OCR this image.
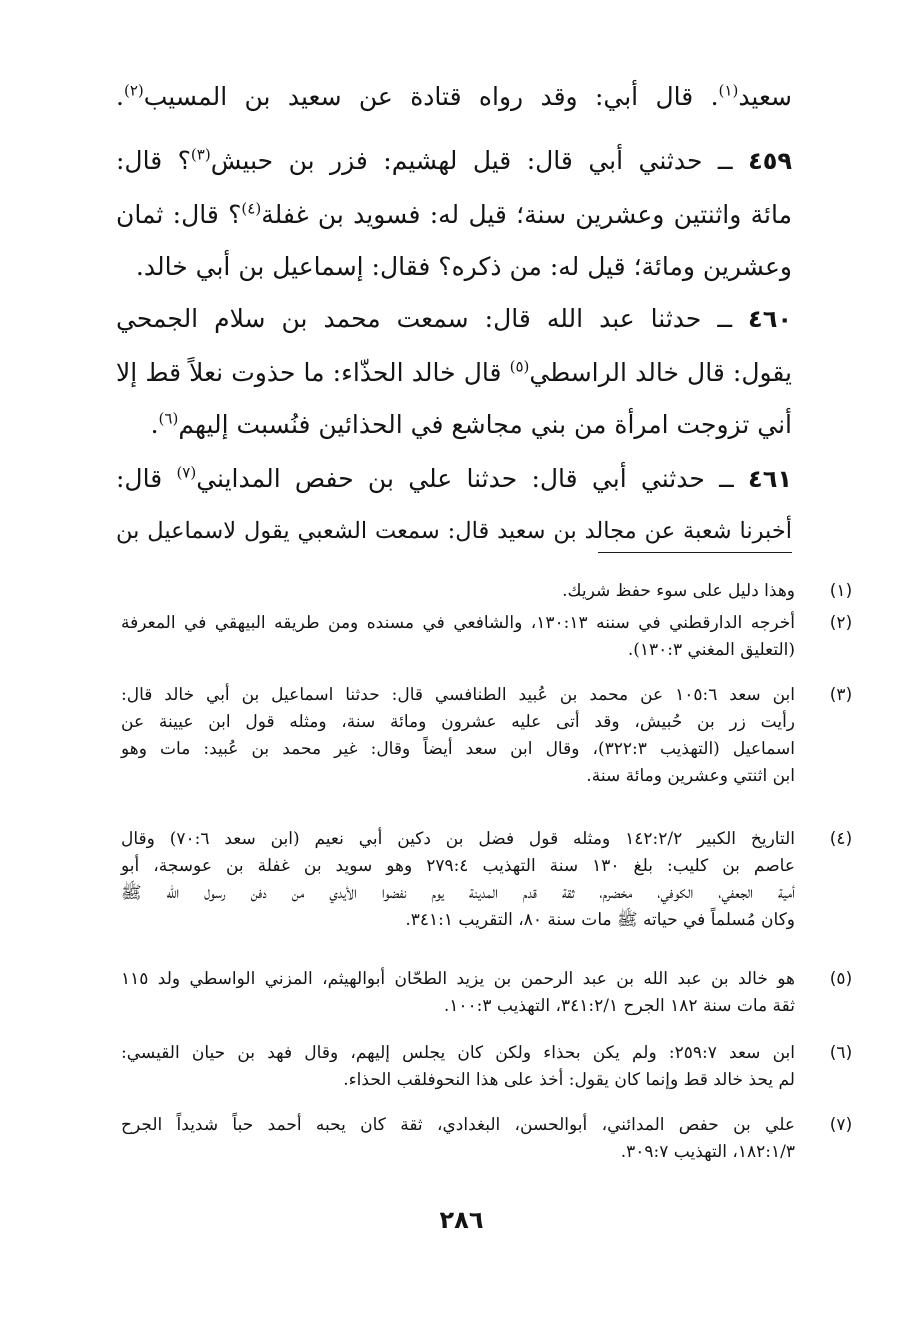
سعيد$^{(١)}$. قال أبي: وقد رواه قتادة عن سعيد بن المسيب$^{(٢)}$.
٤٥٩ ــ حدثني أبي قال: قيل لهشيم: فزر بن حبيش$^{(٣)}$؟ قال:
مائة واثنتين وعشرين سنة؛ قيل له: فسويد بن غفلة$^{(٤)}$؟ قال: ثمان
وعشرين ومائة؛ قيل له: من ذكره؟ فقال: إسماعيل بن أبي خالد.
٤٦٠ ــ حدثنا عبد الله قال: سمعت محمد بن سلام الجمحي
يقول: قال خالد الراسطي$^{(٥)}$ قال خالد الحذّاء: ما حذوت نعلاً قط إلا
أني تزوجت امرأة من بني مجاشع في الحذائين فنُسبت إليهم$^{(٦)}$.
٤٦١ ــ حدثني أبي قال: حدثنا علي بن حفص المدايني$^{(٧)}$ قال:
أخبرنا شعبة عن مجالد بن سعيد قال: سمعت الشعبي يقول لاسماعيل بن
(١)
وهذا دليل على سوء حفظ شريك.
(٢)
أخرجه الدارقطني في سننه ١٣٠:١٣، والشافعي في مسنده ومن طريقه البيهقي في المعرفة
(التعليق المغني ١٣٠:٣).
(٣)
ابن سعد ١٠٥:٦ عن محمد بن عُبيد الطنافسي قال: حدثنا اسماعيل بن أبي خالد قال:
رأيت زر بن حُبيش، وقد أتى عليه عشرون ومائة سنة، ومثله قول ابن عيينة عن
اسماعيل (التهذيب ٣٢٢:٣)، وقال ابن سعد أيضاً وقال: غير محمد بن عُبيد: مات وهو
ابن اثنتي وعشرين ومائة سنة.
(٤)
التاريخ الكبير ١٤٢:٢/٢ ومثله قول فضل بن دكين أبي نعيم (ابن سعد ٧٠:٦) وقال
عاصم بن كليب: بلغ ١٣٠ سنة التهذيب ٢٧٩:٤ وهو سويد بن غفلة بن عوسجة، أبو
أمية الجعفي، الكوفي، مخضرم، ثقة قدم المدينة يوم نفضوا الأيدي من دفن رسول الله ﷺ
وكان مُسلماً في حياته ﷺ مات سنة ٨٠، التقريب ٣٤١:١.
(٥)
هو خالد بن عبد الله بن عبد الرحمن بن يزيد الطحّان أبوالهيثم، المزني الواسطي ولد ١١٥
ثقة مات سنة ١٨٢ الجرح ٣٤١:٢/١، التهذيب ١٠٠:٣.
(٦)
ابن سعد ٢٥٩:٧: ولم يكن بحذاء ولكن كان يجلس إليهم، وقال فهد بن حيان القيسي:
لم يحذ خالد قط وإنما كان يقول: أخذ على هذا النحوفلقب الحذاء.
(٧)
علي بن حفص المدائني، أبوالحسن، البغدادي، ثقة كان يحبه أحمد حباً شديداً الجرح
١٨٢:١/٣، التهذيب ٣٠٩:٧.
٢٨٦
